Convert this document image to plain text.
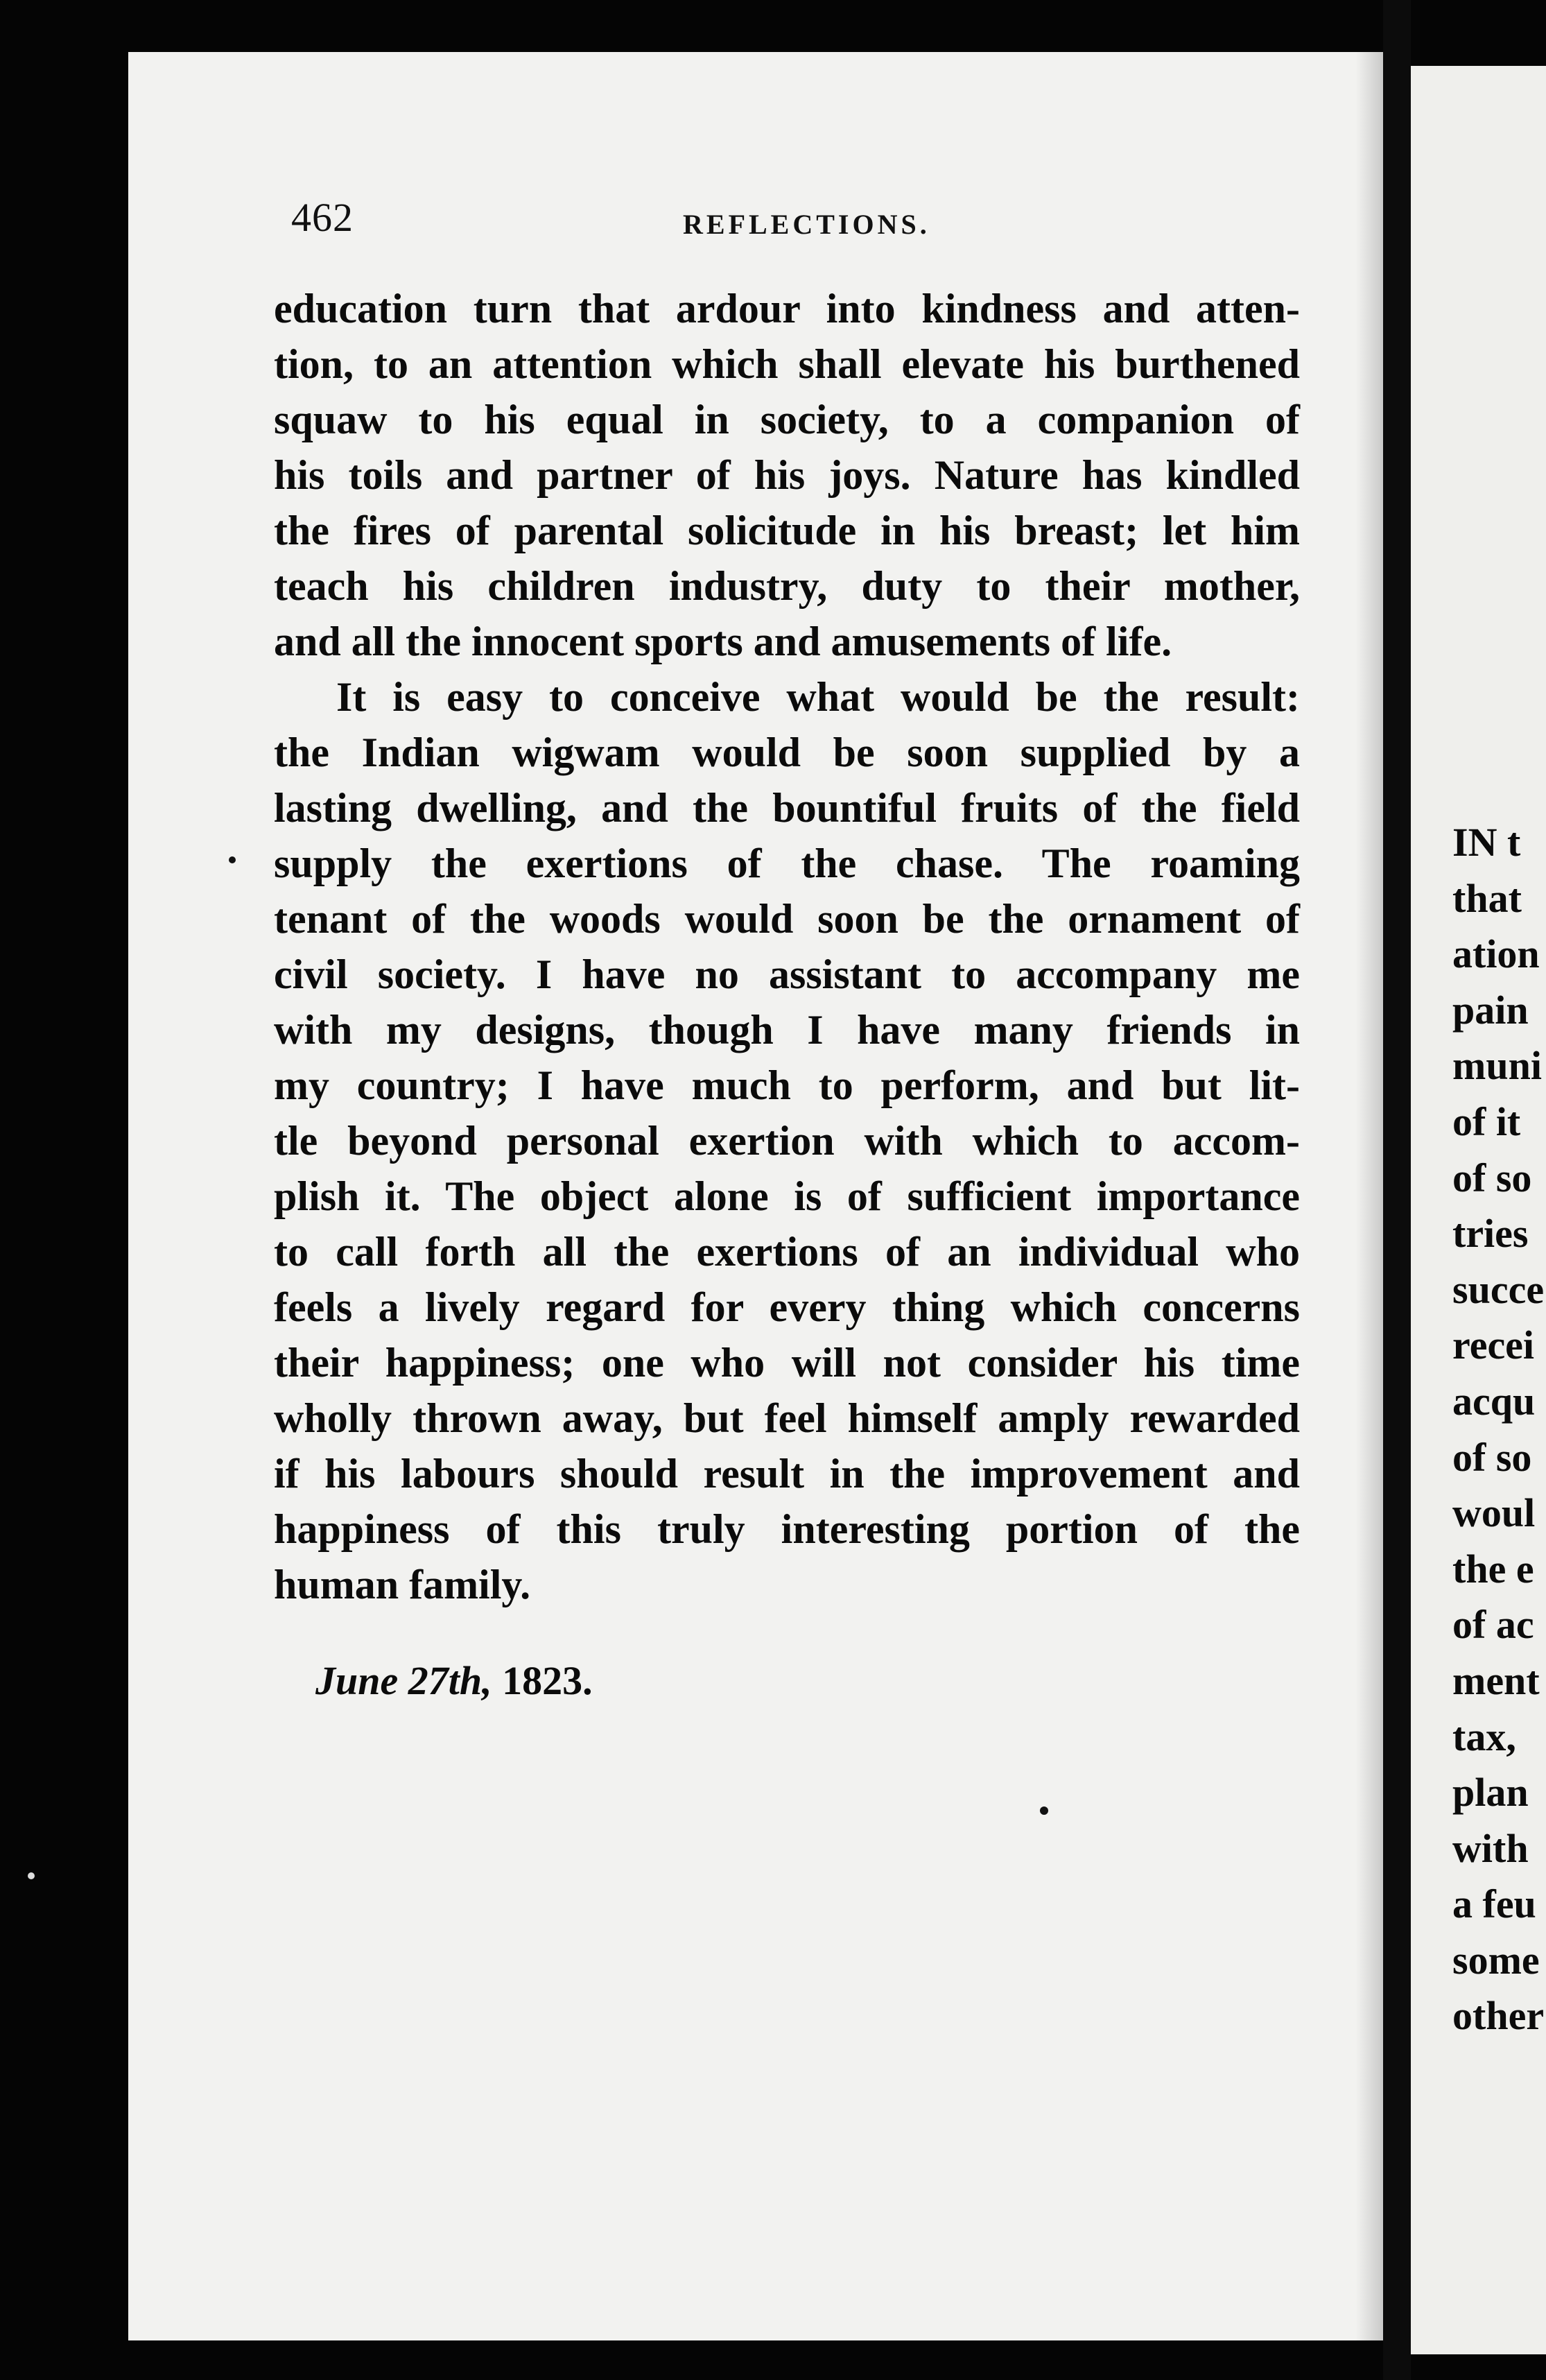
IN t
that
ation
pain
muni
of it
of so
tries
succe
recei
acqu
of so
woul
the e
of ac
ment
tax,
plan
with
a feu
some
other
462	REFLECTIONS.
education turn that ardour into kindness and atten-
tion, to an attention which shall elevate his burthened
squaw to his equal in society, to a companion of
his toils and partner of his joys. Nature has kindled
the fires of parental solicitude in his breast; let him
teach his children industry, duty to their mother,
and all the innocent sports and amusements of life.
It is easy to conceive what would be the result:
the Indian wigwam would be soon supplied by a
lasting dwelling, and the bountiful fruits of the field
supply the exertions of the chase. The roaming
tenant of the woods would soon be the ornament of
civil society. I have no assistant to accompany me
with my designs, though I have many friends in
my country; I have much to perform, and but lit-
tle beyond personal exertion with which to accom-
plish it. The object alone is of sufficient importance
to call forth all the exertions of an individual who
feels a lively regard for every thing which concerns
their happiness; one who will not consider his time
wholly thrown away, but feel himself amply rewarded
if his labours should result in the improvement and
happiness of this truly interesting portion of the
human family.
June 27th, 1823.
